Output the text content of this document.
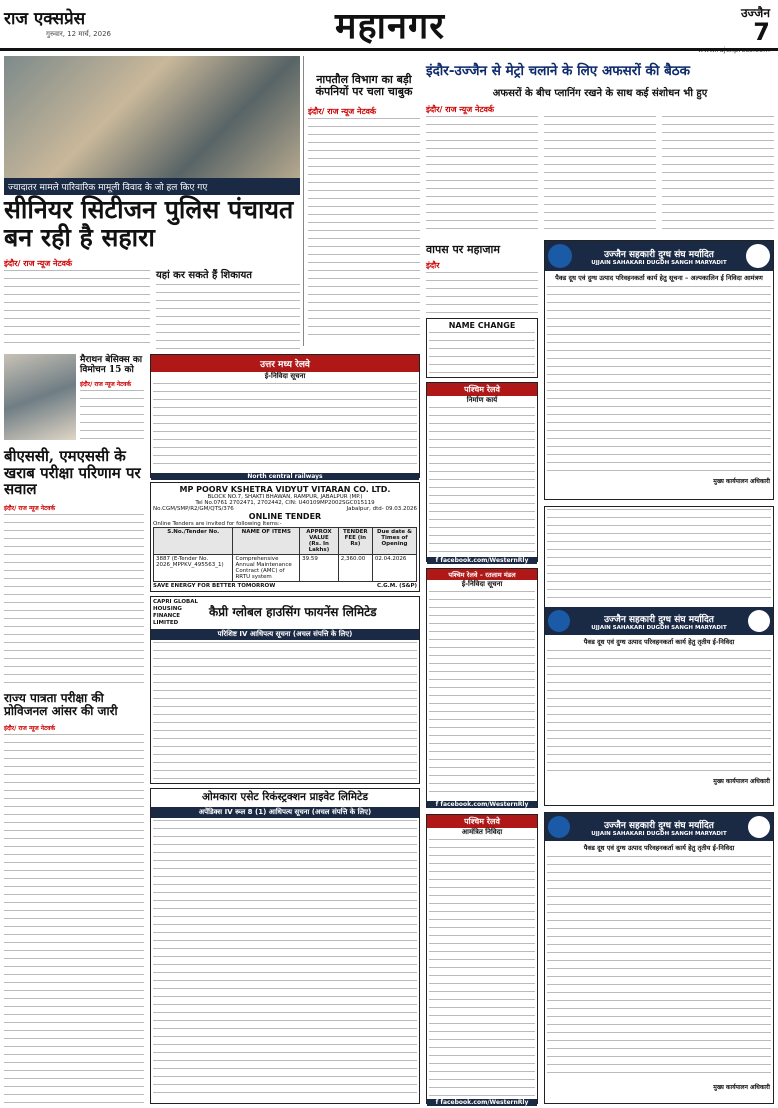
राज एक्सप्रेस
गुरुवार, 12 मार्च, 2026	महानगर	उज्जैन
7
ज्यादातर मामले पारिवारिक मामूली विवाद के जो हल किए गए
सीनियर सिटीजन पुलिस पंचायत बन रही है सहारा
इंदौर/ राज न्यूज नेटवर्क
यहां कर सकते हैं शिकायत
नापतौल विभाग का बड़ी कंपनियों पर चला चाबुक
इंदौर/ राज न्यूज नेटवर्क
इंदौर-उज्जैन से मेट्रो चलाने के लिए अफसरों की बैठक
अफसरों के बीच प्लानिंग रखने के साथ कई संशोधन भी हुए
इंदौर/ राज न्यूज नेटवर्क
वापस पर महाजाम
इंदौर
NAME CHANGE
पश्चिम रेलवे
निर्माण कार्य
f facebook.com/WesternRly
पश्चिम रेलवे – रतलाम मंडल
ई-निविदा सूचना
f facebook.com/WesternRly
पश्चिम रेलवे
आमंत्रित निविदा
f facebook.com/WesternRly
मैराथन बेसिक्स का विमोचन 15 को
इंदौर/ राज न्यूज नेटवर्क
बीएससी, एमएससी के खराब परीक्षा परिणाम पर सवाल
इंदौर/ राज न्यूज नेटवर्क
राज्य पात्रता परीक्षा की प्रोविजनल आंसर की जारी
इंदौर/ राज न्यूज नेटवर्क
उत्तर मध्य रेलवे
ई-निविदा सूचना
North central railways
MP POORV KSHETRA VIDYUT VITARAN CO. LTD.
BLOCK NO.7, SHAKTI BHAWAN, RAMPUR, JABALPUR (MP.)
Tel No.0761 2702471, 2702442, CIN: U40109MP2002SGC015119
No.CGM/SMP/R2/GM/QTS/376	Jabalpur, dtd- 09.03.2026
ONLINE TENDER
Online Tenders are invited for following Items:-
S.No./Tender No.	NAME OF ITEMS	APPROX VALUE (Rs. In Lakhs)	TENDER FEE (in Rs)	Due date & Times of Opening
3887 (E-Tender No. 2026_MPPKV_495563_1)	Comprehensive Annual Maintenance Contract (AMC) of RRTU system	39.59	2,360.00	02.04.2026
SAVE ENERGY FOR BETTER TOMORROW	C.G.M. (S&P)
CAPRI GLOBAL HOUSING FINANCE LIMITED
कैप्री ग्लोबल हाउसिंग फायनेंस लिमिटेड
परिशिष्ट IV आधिपत्य सूचना (अचल संपत्ति के लिए)
ओमकारा एसेट रिकंस्ट्रक्शन प्राइवेट लिमिटेड
अपेंडिक्स IV रूल 8 (1) आधिपत्य सूचना (अचल संपत्ति के लिए)
उज्जैन सहकारी दुग्ध संघ मर्यादित
UJJAIN SAHAKARI DUGDH SANGH MARYADIT
पैक्ड दूध एवं दुग्ध उत्पाद परिवहनकर्ता कार्य हेतु सूचना – अल्पकालिन ई निविदा आमंत्रण
मुख्य कार्यपालन अधिकारी
उज्जैन सहकारी दुग्ध संघ मर्यादित
UJJAIN SAHAKARI DUGDH SANGH MARYADIT
पैक्ड दूध एवं दुग्ध उत्पाद परिवहनकर्ता कार्य हेतु तृतीय ई-निविदा
मुख्य कार्यपालन अधिकारी
उज्जैन सहकारी दुग्ध संघ मर्यादित
UJJAIN SAHAKARI DUGDH SANGH MARYADIT
पैक्ड दूध एवं दुग्ध उत्पाद परिवहनकर्ता कार्य हेतु तृतीय ई-निविदा
मुख्य कार्यपालन अधिकारी
